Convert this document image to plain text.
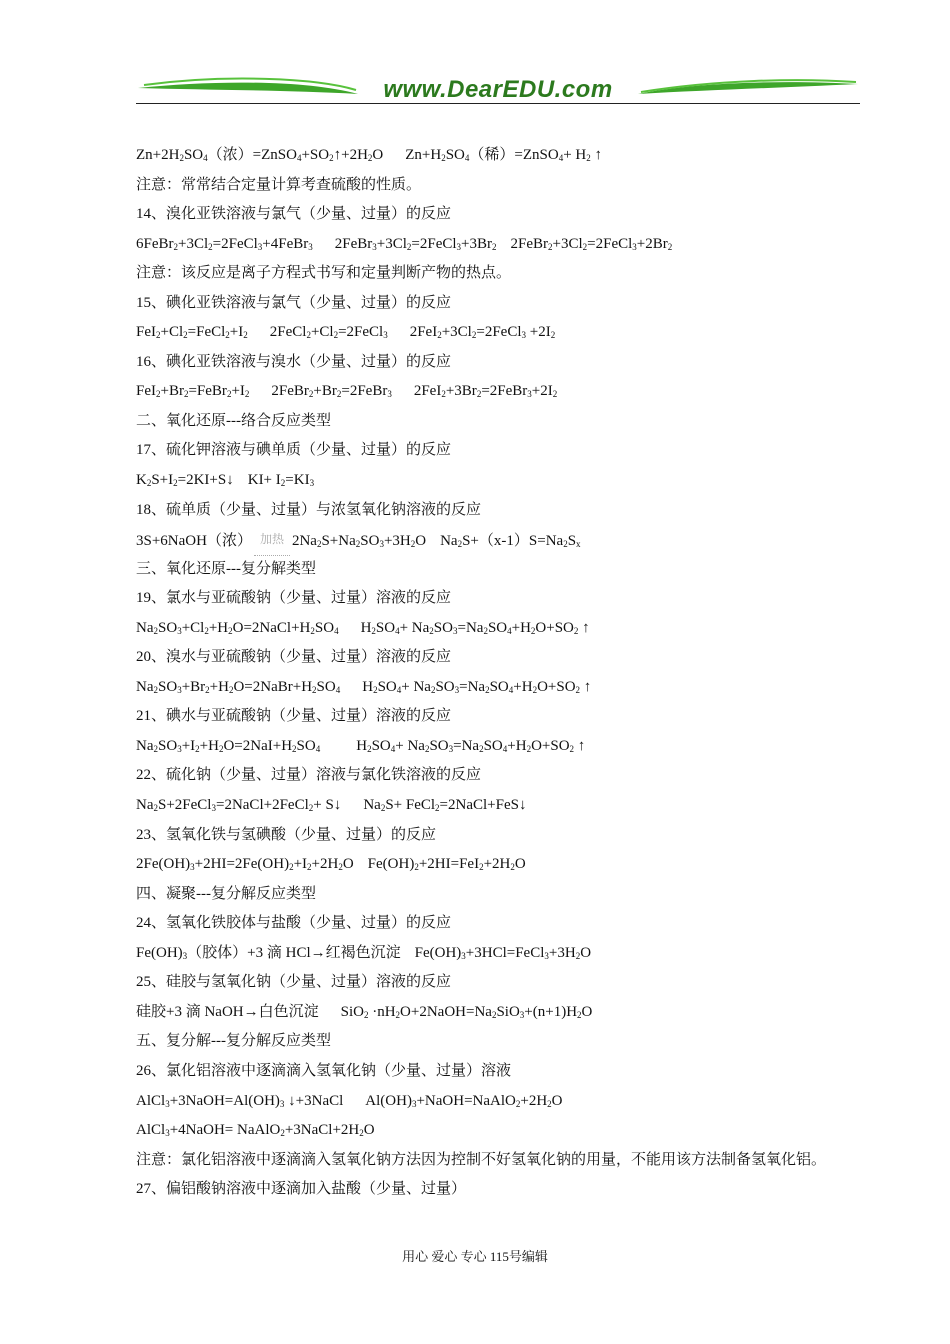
www.DearEDU.com
$Zn+2H_2SO_4$（浓）$=ZnSO_4+SO_2↑+2H_2O$ $Zn+H_2SO_4$（稀）=ZnSO$_4$+ $H_2$ ↑
注意：常常结合定量计算考查硫酸的性质。
14、溴化亚铁溶液与氯气（少量、过量）的反应
$6FeBr_2+3Cl_2=2FeCl_3+4FeBr_3$ $2FeBr_3+3Cl_2=2FeCl_3+3Br_2$ $2FeBr_2+3Cl_2=2FeCl_3+2Br_2$
注意：该反应是离子方程式书写和定量判断产物的热点。
15、碘化亚铁溶液与氯气（少量、过量）的反应
$FeI_2+Cl_2=FeCl_2+I_2$ $2FeCl_2+Cl_2=2FeCl_3$ $2FeI_2+3Cl_2=2FeCl_3 +2I_2$
16、碘化亚铁溶液与溴水（少量、过量）的反应
$FeI_2+Br_2=FeBr_2+I_2$ $2FeBr_2+Br_2=2FeBr_3$ $2FeI_2+3Br_2=2FeBr_3+2I_2$
二、氧化还原---络合反应类型
17、硫化钾溶液与碘单质（少量、过量）的反应
$K_2S+I_2=2KI+S↓$ $KI+ I_2=KI_3$
18、硫单质（少量、过量）与浓氢氧化钠溶液的反应
3S+6NaOH（浓） 加热 $2Na_2S+Na_2SO_3+3H_2O$ $Na_2S+(x-1)S=Na_2S_x$
三、氧化还原---复分解类型
19、氯水与亚硫酸钠（少量、过量）溶液的反应
$Na_2SO_3+Cl_2+H_2O=2NaCl+H_2SO_4$ $H_2SO_4+ Na_2SO_3=Na_2SO_4+H_2O+SO_2$ ↑
20、溴水与亚硫酸钠（少量、过量）溶液的反应
$Na_2SO_3+Br_2+H_2O=2NaBr+H_2SO_4$ $H_2SO_4+ Na_2SO_3=Na_2SO_4+H_2O+SO_2$ ↑
21、碘水与亚硫酸钠（少量、过量）溶液的反应
$Na_2SO_3+I_2+H_2O=2NaI+H_2SO_4$ $H_2SO_4+ Na_2SO_3=Na_2SO_4+H_2O+SO_2$ ↑
22、硫化钠（少量、过量）溶液与氯化铁溶液的反应
$Na_2S+2FeCl_3=2NaCl+2FeCl_2+$ S↓ $Na_2S+$ FeCl$_2$=2NaCl+FeS↓
23、氢氧化铁与氢碘酸（少量、过量）的反应
$2Fe(OH)_3+2HI=2Fe(OH)_2+I_2+2H_2O$ $Fe(OH)_2+2HI=FeI_2+2H_2O$
四、凝聚---复分解反应类型
24、氢氧化铁胶体与盐酸（少量、过量）的反应
$Fe(OH)_3$（胶体）+3 滴 HCl→红褐色沉淀 $Fe(OH)_3+3HCl=FeCl_3+3H_2O$
25、硅胶与氢氧化钠（少量、过量）溶液的反应
硅胶+3 滴 NaOH→白色沉淀 $SiO_2 \cdot nH_2O+2NaOH=Na_2SiO_3+(n+1)H_2O$
五、复分解---复分解反应类型
26、氯化铝溶液中逐滴滴入氢氧化钠（少量、过量）溶液
$AlCl_3+3NaOH=Al(OH)_3$ ↓+3NaCl $Al(OH)_3+NaOH=NaAlO_2+2H_2O$
AlCl$_3$+4NaOH= $NaAlO_2+3NaCl+2H_2O$
注意：氯化铝溶液中逐滴滴入氢氧化钠方法因为控制不好氢氧化钠的用量，不能用该方法制备氢氧化铝。
27、偏铝酸钠溶液中逐滴加入盐酸（少量、过量）
用心 爱心 专心 115号编辑
